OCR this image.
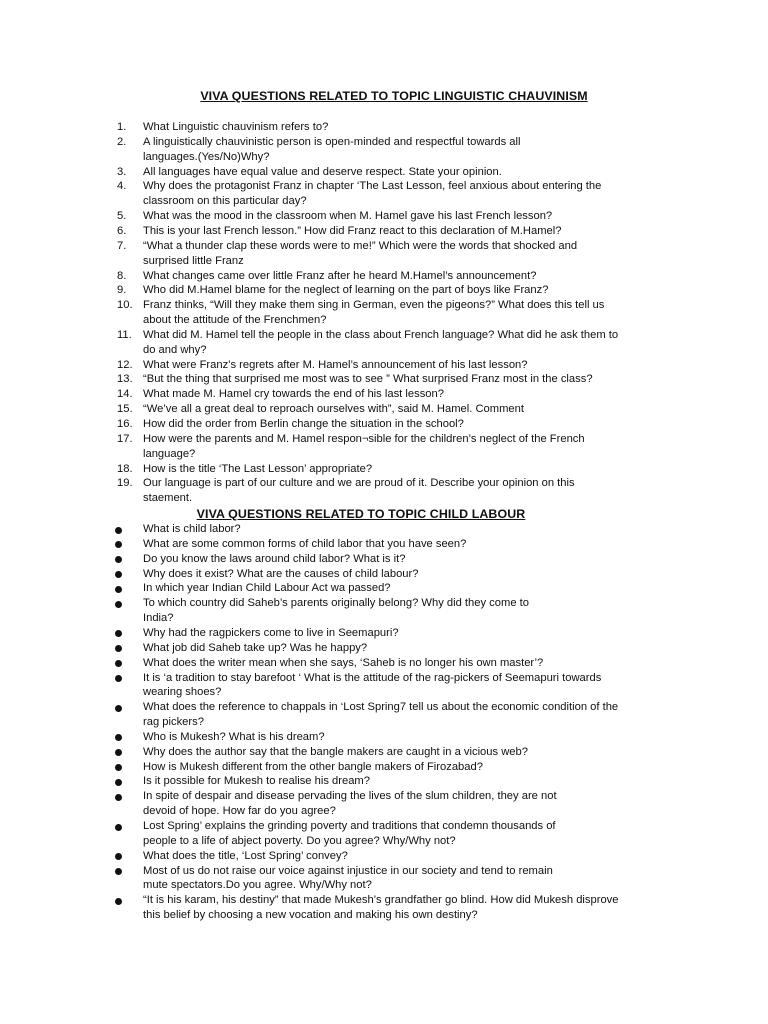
VIVA QUESTIONS RELATED TO TOPIC LINGUISTIC CHAUVINISM
VIVA QUESTIONS RELATED TO TOPIC CHILD LABOUR
1.	What Linguistic chauvinism refers to?
2.	A linguistically chauvinistic person is open-minded and respectful towards all
languages.(Yes/No)Why?
3.	All languages have equal value and deserve respect. State your opinion.
4.	Why does the protagonist Franz in chapter ‘The Last Lesson, feel anxious about entering the
classroom on this particular day?
5.	What was the mood in the classroom when M. Hamel gave his last French lesson?
6.	This is your last French lesson.” How did Franz react to this declaration of M.Hamel?
7.	“What a thunder clap these words were to me!” Which were the words that shocked and
surprised little Franz
8.	What changes came over little Franz after he heard M.Hamel’s announcement?
9.	Who did M.Hamel blame for the neglect of learning on the part of boys like Franz?
10. Franz thinks, “Will they make them sing in German, even the pigeons?” What does this tell us
about the attitude of the Frenchmen?
11.	What did M. Hamel tell the people in the class about French language? What did he ask them to
do and why?
12. What were Franz’s regrets after M. Hamel’s announcement of his last lesson?
13. “But the thing that surprised me most was to see ” What surprised Franz most in the class?
14. What made M. Hamel cry towards the end of his last lesson?
15. “We’ve all a great deal to reproach ourselves with”, said M. Hamel. Comment
16. How did the order from Berlin change the situation in the school?
17. How were the parents and M. Hamel respon¬sible for the children’s neglect of the French
language?
18. How is the title ‘The Last Lesson’ appropriate?
19. Our language is part of our culture and we are proud of it. Describe your opinion on this
staement.
What is child labor?
What are some common forms of child labor that you have seen?
Do you know the laws around child labor? What is it?
Why does it exist? What are the causes of child labour?
In which year Indian Child Labour Act wa passed?
To which country did Saheb’s parents originally belong? Why did they come to
India?
Why had the ragpickers come to live in Seemapuri?
What job did Saheb take up? Was he happy?
What does the writer mean when she says, ‘Saheb is no longer his own master’?
It is ‘a tradition to stay barefoot ‘ What is the attitude of the rag-pickers of Seemapuri towards
wearing shoes?
What does the reference to chappals in ‘Lost Spring7 tell us about the economic condition of the
rag pickers?
Who is Mukesh? What is his dream?
Why does the author say that the bangle makers are caught in a vicious web?
How is Mukesh different from the other bangle makers of Firozabad?
Is it possible for Mukesh to realise his dream?
In spite of despair and disease pervading the lives of the slum children, they are not
devoid of hope. How far do you agree?
Lost Spring’ explains the grinding poverty and traditions that condemn thousands of
people to a life of abject poverty. Do you agree? Why/Why not?
What does the title, ‘Lost Spring’ convey?
Most of us do not raise our voice against injustice in our society and tend to remain
mute spectators.Do you agree. Why/Why not?
“It is his karam, his destiny” that made Mukesh’s grandfather go blind. How did Mukesh disprove
this belief by choosing a new vocation and making his own destiny?
